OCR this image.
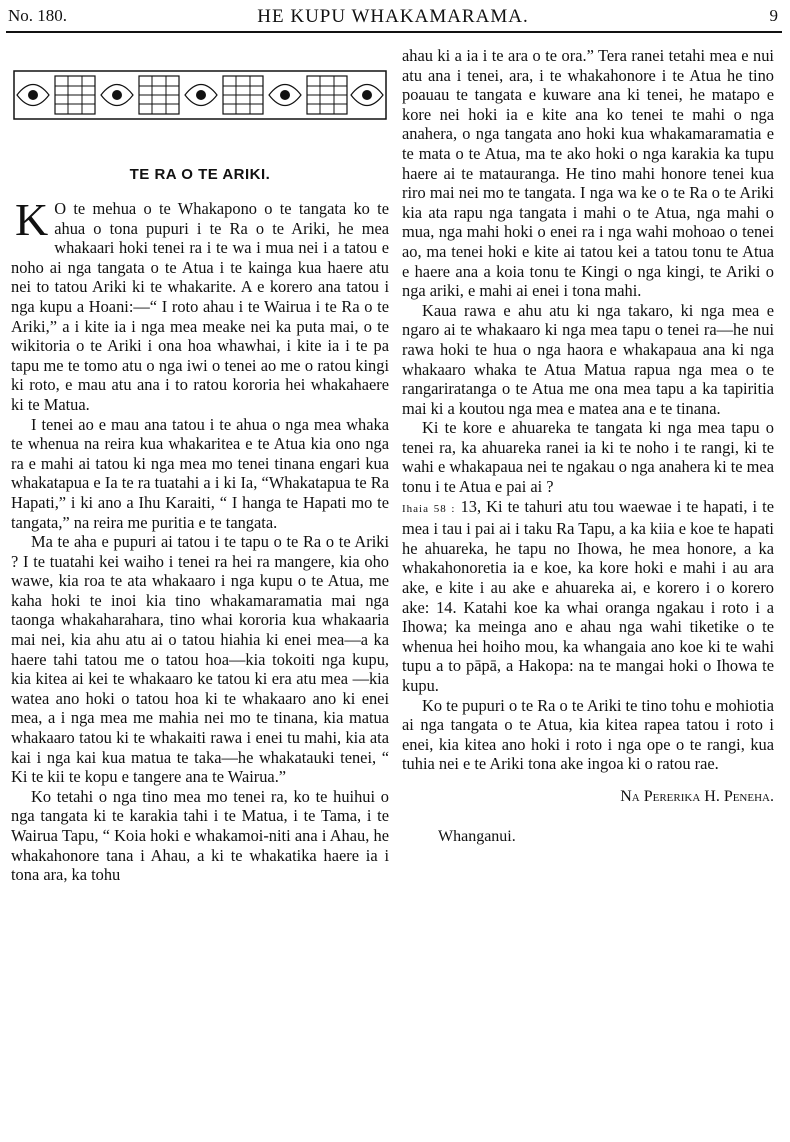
No. 180.	HE KUPU WHAKAMARAMA.	9
TE RA O TE ARIKI.

K O te mehua o te Whakapono o te tangata ko te ahua o tona pupuri i te Ra o te Ariki, he mea whakaari hoki tenei ra i te wa i mua nei i a tatou e noho ai nga tangata o te Atua i te kainga kua haere atu nei to tatou Ariki ki te whakarite. A e korero ana tatou i nga kupu a Hoani:—“ I roto ahau i te Wairua i te Ra o te Ariki,” a i kite ia i nga mea meake nei ka puta mai, o te wikitoria o te Ariki i ona hoa whawhai, i kite ia i te pa tapu me te tomo atu o nga iwi o tenei ao me o ratou kingi ki roto, e mau atu ana i to ratou kororia hei whakahaere ki te Matua.

I tenei ao e mau ana tatou i te ahua o nga mea whaka te whenua na reira kua whakaritea e te Atua kia ono nga ra e mahi ai tatou ki nga mea mo tenei tinana engari kua whakatapua e Ia te ra tuatahi a i ki Ia, “Whakatapua te Ra Hapati,” i ki ano a Ihu Karaiti, “ I hanga te Hapati mo te tangata,” na reira me puritia e te tangata.

Ma te aha e pupuri ai tatou i te tapu o te Ra o te Ariki ? I te tuatahi kei waiho i tenei ra hei ra mangere, kia oho wawe, kia roa te ata whakaaro i nga kupu o te Atua, me kaha hoki te inoi kia tino whakamaramatia mai nga taonga whakaharahara, tino whai kororia kua whakaaria mai nei, kia ahu atu ai o tatou hiahia ki enei mea—a ka haere tahi tatou me o tatou hoa—kia tokoiti nga kupu, kia kitea ai kei te whakaaro ke tatou ki era atu mea —kia watea ano hoki o tatou hoa ki te whakaaro ano ki enei mea, a i nga mea me mahia nei mo te tinana, kia matua whakaaro tatou ki te whakaiti rawa i enei tu mahi, kia ata kai i nga kai kua matua te taka—he whakatauki tenei, “ Ki te kii te kopu e tangere ana te Wairua.”

Ko tetahi o nga tino mea mo tenei ra, ko te huihui o nga tangata ki te karakia tahi i te Matua, i te Tama, i te Wairua Tapu, “ Koia hoki e whakamoi-niti ana i Ahau, he whakahonore tana i Ahau, a ki te whakatika haere ia i tona ara, ka tohu

ahau ki a ia i te ara o te ora.” Tera ranei tetahi mea e nui atu ana i tenei, ara, i te whakahonore i te Atua he tino poauau te tangata e kuware ana ki tenei, he matapo e kore nei hoki ia e kite ana ko tenei te mahi o nga anahera, o nga tangata ano hoki kua whakamaramatia e te mata o te Atua, ma te ako hoki o nga karakia ka tupu haere ai te matauranga. He tino mahi honore tenei kua riro mai nei mo te tangata. I nga wa ke o te Ra o te Ariki kia ata rapu nga tangata i mahi o te Atua, nga mahi o mua, nga mahi hoki o enei ra i nga wahi mohoao o tenei ao, ma tenei hoki e kite ai tatou kei a tatou tonu te Atua e haere ana a koia tonu te Kingi o nga kingi, te Ariki o nga ariki, e mahi ai enei i tona mahi.

Kaua rawa e ahu atu ki nga takaro, ki nga mea e ngaro ai te whakaaro ki nga mea tapu o tenei ra—he nui rawa hoki te hua o nga haora e whakapaua ana ki nga whakaaro whaka te Atua Matua rapua nga mea o te rangariratanga o te Atua me ona mea tapu a ka tapiritia mai ki a koutou nga mea e matea ana e te tinana.

Ki te kore e ahuareka te tangata ki nga mea tapu o tenei ra, ka ahuareka ranei ia ki te noho i te rangi, ki te wahi e whakapaua nei te ngakau o nga anahera ki te mea tonu i te Atua e pai ai ?

Ihaia 58 : 13, Ki te tahuri atu tou waewae i te hapati, i te mea i tau i pai ai i taku Ra Tapu, a ka kiia e koe te hapati he ahuareka, he tapu no Ihowa, he mea honore, a ka whakahonoretia ia e koe, ka kore hoki e mahi i au ara ake, e kite i au ake e ahuareka ai, e korero i o korero ake: 14. Katahi koe ka whai oranga ngakau i roto i a Ihowa; ka meinga ano e ahau nga wahi tiketike o te whenua hei hoiho mou, ka whangaia ano koe ki te wahi tupu a to pāpā, a Hakopa: na te mangai hoki o Ihowa te kupu.

Ko te pupuri o te Ra o te Ariki te tino tohu e mohiotia ai nga tangata o te Atua, kia kitea rapea tatou i roto i enei, kia kitea ano hoki i roto i nga ope o te rangi, kua tuhia nei e te Ariki tona ake ingoa ki o ratou rae.

Na Pererika H. Peneha.
Whanganui.
